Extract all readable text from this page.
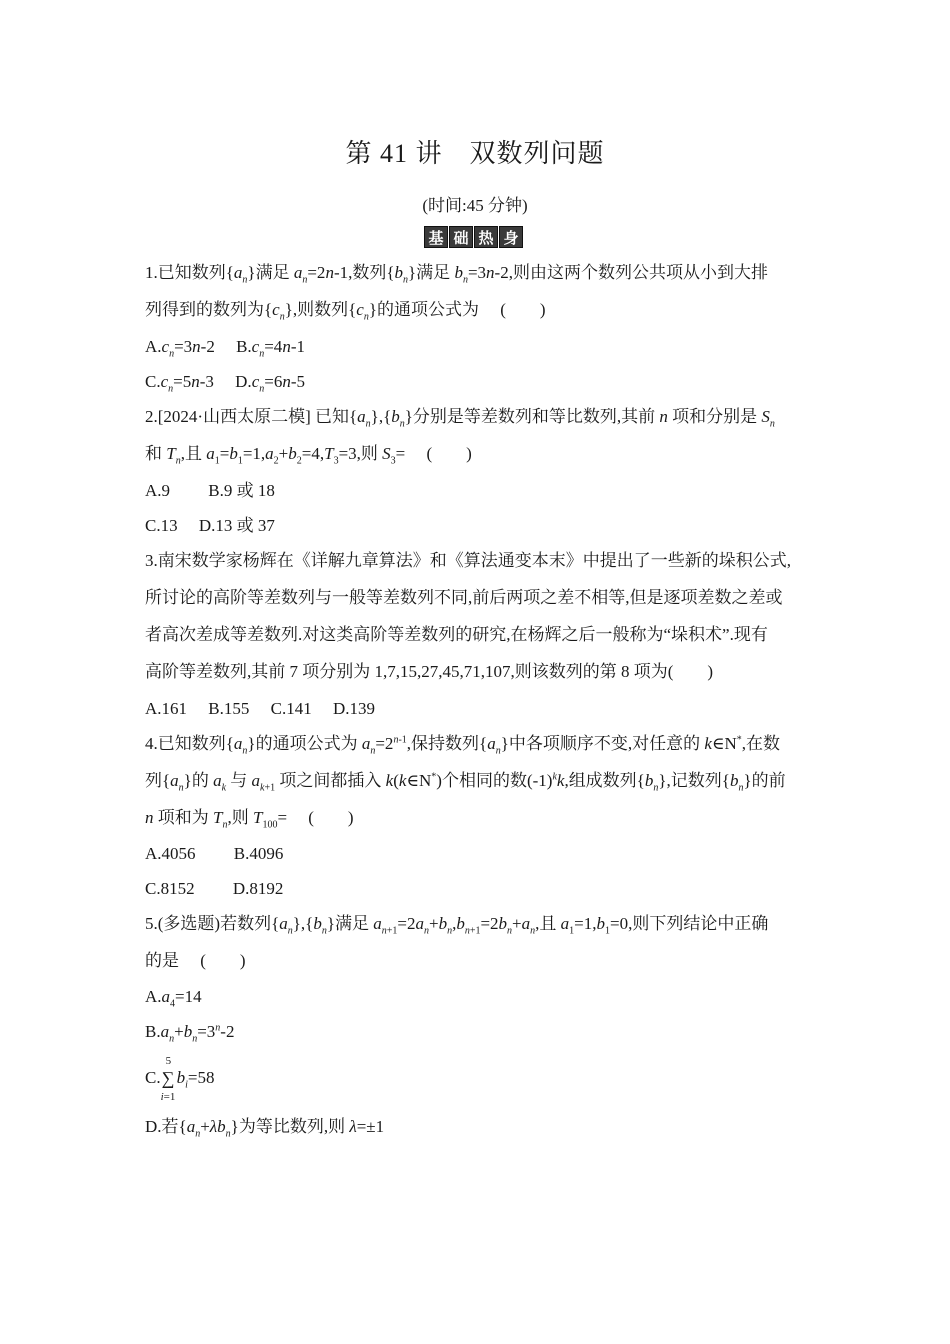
第 41 讲　双数列问题
(时间:45 分钟)
基 础 热 身
1.已知数列$\{a_n\}$满足 $a_n=2n-1$,数列$\{b_n\}$满足 $b_n=3n-2$,则由这两个数列公共项从小到大排
列得到的数列为$\{c_n\}$,则数列$\{c_n\}$的通项公式为　 (　　)
$A.c_n=3n-2$　 $B.c_n=4n-1$
$C.c_n=5n-3$　 $D.c_n=6n-5$
2.[2024·山西太原二模] 已知$\{a_n\},\{b_n\}$分别是等差数列和等比数列,其前 n 项和分别是 $S_n$
和 $T_n$,且 $a_1=b_1=1,a_2+b_2=4,T_3=3$,则 $S_3=$　 (　　)
A.9　　 B.9 或 18
C.13　 D.13 或 37
3.南宋数学家杨辉在《详解九章算法》和《算法通变本末》中提出了一些新的垛积公式,
所讨论的高阶等差数列与一般等差数列不同,前后两项之差不相等,但是逐项差数之差或
者高次差成等差数列.对这类高阶等差数列的研究,在杨辉之后一般称为“垛积术”.现有
高阶等差数列,其前 7 项分别为 1,7,15,27,45,71,107,则该数列的第 8 项为(　　)
A.161　 B.155　 C.141　 D.139
4.已知数列$\{a_n\}$的通项公式为 $a_n=2^{n-1}$,保持数列$\{a_n\}$中各项顺序不变,对任意的 k∈N*,在数
列$\{a_n\}$的 $a_k$ 与 $a_{k+1}$ 项之间都插入 k(k∈N*)个相同的数$(-1)^kk$,组成数列$\{b_n\}$,记数列$\{b_n\}$的前
n 项和为 $T_n$,则 $T_{100}=$　 (　　)
A.4056　　 B.4096
C.8152　　 D.8192
5.(多选题)若数列$\{a_n\},\{b_n\}$满足 $a_{n+1}=2a_n+b_n,b_{n+1}=2b_n+a_n$,且 $a_1=1,b_1=0$,则下列结论中正确
的是　 (　　)
$A.a_4=14$
$B.a_n+b_n=3^n-2$
C.
5
∑
i=1
$b_i=58$
D.若$\{a_n+\lambda b_n\}$为等比数列,则 λ=±1
